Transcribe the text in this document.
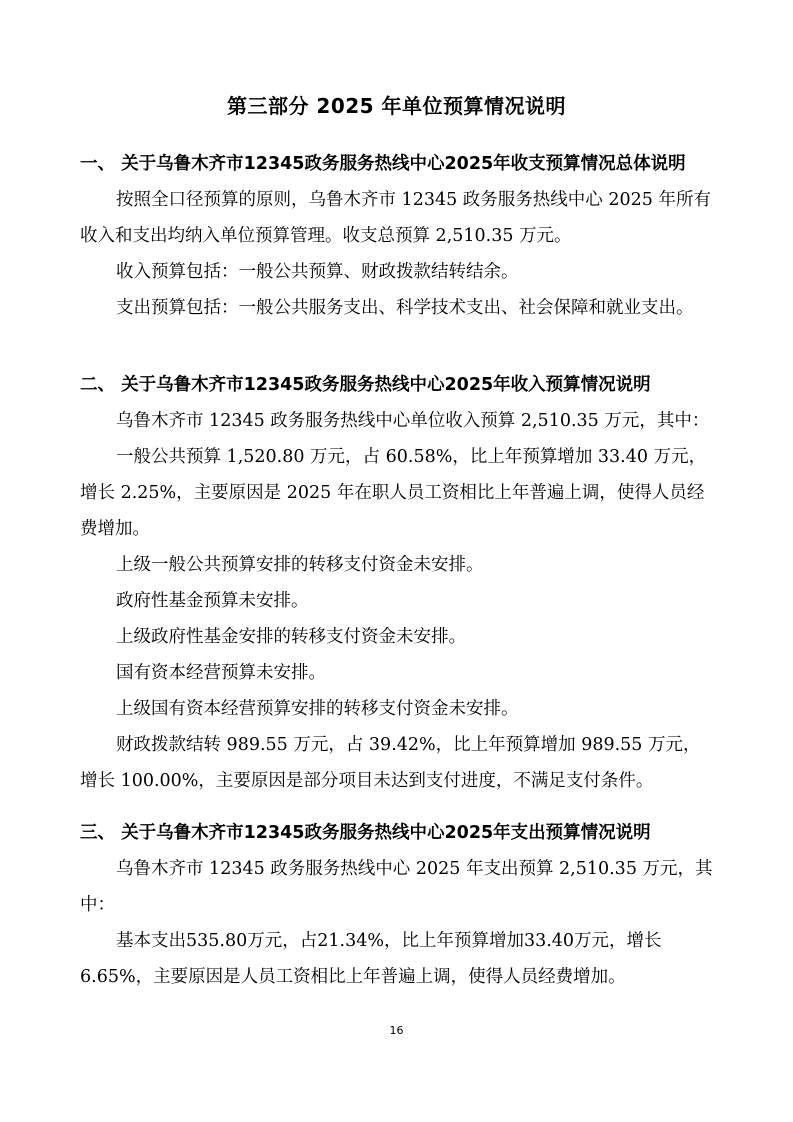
第三部分 2025 年单位预算情况说明
一、 关于乌鲁木齐市12345政务服务热线中心2025年收支预算情况总体说明
按照全口径预算的原则，乌鲁木齐市 12345 政务服务热线中心 2025 年所有收入和支出均纳入单位预算管理。收支总预算 2,510.35 万元。
收入预算包括：一般公共预算、财政拨款结转结余。
支出预算包括：一般公共服务支出、科学技术支出、社会保障和就业支出。
二、 关于乌鲁木齐市12345政务服务热线中心2025年收入预算情况说明
乌鲁木齐市 12345 政务服务热线中心单位收入预算 2,510.35 万元，其中：
一般公共预算 1,520.80 万元，占 60.58%，比上年预算增加 33.40 万元，增长 2.25%，主要原因是 2025 年在职人员工资相比上年普遍上调，使得人员经费增加。
上级一般公共预算安排的转移支付资金未安排。
政府性基金预算未安排。
上级政府性基金安排的转移支付资金未安排。
国有资本经营预算未安排。
上级国有资本经营预算安排的转移支付资金未安排。
财政拨款结转 989.55 万元，占 39.42%，比上年预算增加 989.55 万元，增长 100.00%，主要原因是部分项目未达到支付进度，不满足支付条件。
三、 关于乌鲁木齐市12345政务服务热线中心2025年支出预算情况说明
乌鲁木齐市 12345 政务服务热线中心 2025 年支出预算 2,510.35 万元，其中：
基本支出535.80万元，占21.34%，比上年预算增加33.40万元，增长6.65%，主要原因是人员工资相比上年普遍上调，使得人员经费增加。
16
